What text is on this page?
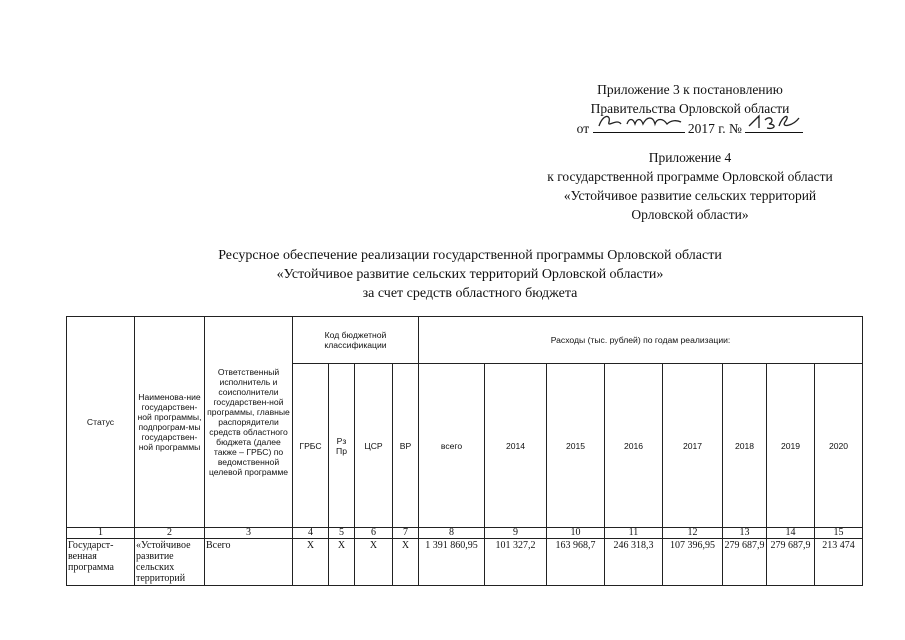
Приложение 3 к постановлению
Правительства Орловской области
от	2017 г. №
Приложение 4
к государственной программе Орловской области
«Устойчивое развитие сельских территорий
Орловской области»
Ресурсное обеспечение реализации государственной программы Орловской области
«Устойчивое развитие сельских территорий Орловской области»
за счет средств областного бюджета
Статус	Наименова-ние государствен-ной программы, подпрограм-мы государствен-ной программы	Ответственный исполнитель и соисполнители государствен-ной программы, главные распорядители средств областного бюджета (далее также – ГРБС) по ведомственной целевой программе	Код бюджетной классификации				Расходы (тыс. рублей) по годам реализации:							
			ГРБС	Рз Пр	ЦСР	ВР	всего	2014	2015	2016	2017	2018	2019	2020
1	2	3	4	5	6	7	8	9	10	11	12	13	14	15
Государст-венная программа	«Устойчивое развитие сельских территорий	Всего	Х	Х	Х	Х	1 391 860,95	101 327,2	163 968,7	246 318,3	107 396,95	279 687,9	279 687,9	213 474
